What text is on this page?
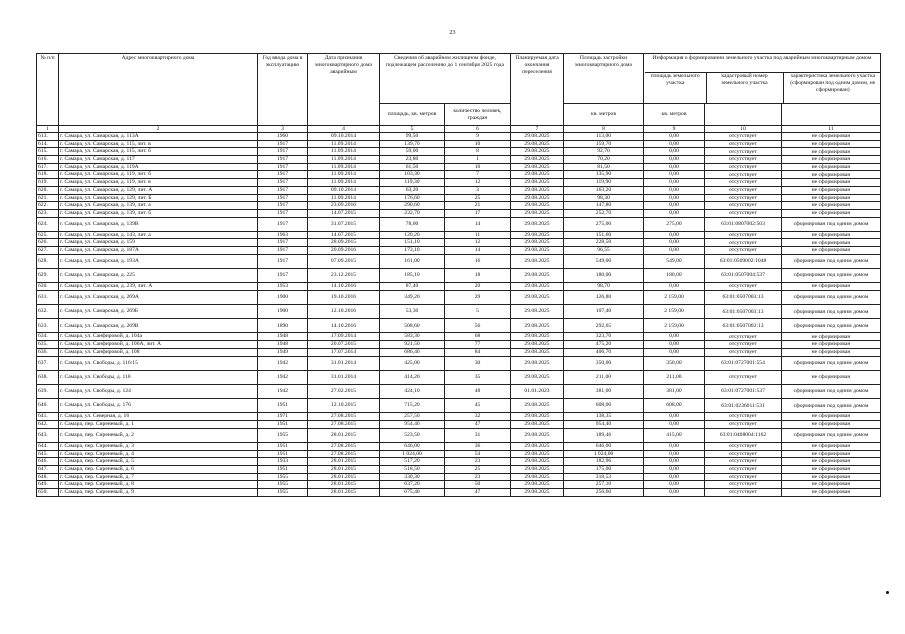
23
№ п/п	Адрес многоквартирного дома	Год ввода дома в эксплуатацию	Дата признания многоквартирного дома аварийным	Сведения об аварийном жилищном фонде, подлежащем расселению до 1 сентября 2025 года	Планируемая дата окончания переселения	Площадь застройки многоквартирного дома	
Информация о формировании земельного участка под аварийным многоквартирным домом
площадь земельного участка	кадастровый номер земельного участка	характеристика земельного участка (сформирован под одним домом, не сформирован)

площадь, кв. метров	количество человек, граждан	кв. метров	кв. метров		
1	2	3	4	5	6	7	8	9	10	11
613.	г. Самара, ул. Самарская, д. 113А	1960	09.10.2014	99,50	9	29.08.2025	113,00	0,00	отсутствует	не сформирован
614.	г. Самара, ул. Самарская, д. 115, лит. в	1917	11.09.2014	139,70	10	29.08.2025	159,70	0,00	отсутствует	не сформирован
615.	г. Самара, ул. Самарская, д. 115, лит. б	1917	11.09.2014	59,00	8	29.08.2025	92,70	0,00	отсутствует	не сформирован
616.	г. Самара, ул. Самарская, д. 117	1917	11.09.2014	23,80	1	29.08.2025	70,20	0,00	отсутствует	не сформирован
617.	г. Самара, ул. Самарская, д. 119А	1917	11.09.2014	61,50	10	29.08.2025	81,50	0,00	отсутствует	не сформирован
618.	г. Самара, ул. Самарская, д. 119, лит. б	1917	11.09.2014	103,30	7	29.08.2025	135,90	0,00	отсутствует	не сформирован
619.	г. Самара, ул. Самарская, д. 119, лит. в	1917	11.09.2014	119,30	12	29.08.2025	119,90	0,00	отсутствует	не сформирован
620.	г. Самара, ул. Самарская, д. 129, лит. А	1917	09.10.2014	63,20	3	29.08.2025	163,20	0,00	отсутствует	не сформирован
621.	г. Самара, ул. Самарская, д. 129, лит. Б	1917	11.09.2014	176,60	25	29.08.2025	98,30	0,00	отсутствует	не сформирован
622.	г. Самара, ул. Самарская, д. 139, лит. а	1917	23.09.2016	290,60	21	29.08.2025	147,80	0,00	отсутствует	не сформирован
623.	г. Самара, ул. Самарская, д. 139, лит. б	1917	14.07.2015	232,70	17	29.08.2025	252,70	0,00	отсутствует	не сформирован
624.	г. Самара, ул. Самарская, д. 139В	1917	31.07.2015	78,00	14	29.08.2025	275,00	275,00	63:01:0807002:503	сформирован под одним домом
625.	г. Самара, ул. Самарская, д. 143, лит. а	1963	14.07.2015	120,20	11	29.08.2025	151,60	0,00	отсутствует	не сформирован
626.	г. Самара, ул. Самарская, д. 159	1917	28.09.2015	151,10	12	29.08.2025	228,50	0,00	отсутствует	не сформирован
627.	г. Самара, ул. Самарская, д. 187А	1917	20.09.2016	173,10	14	29.08.2025	96,55	0,00	отсутствует	не сформирован
628.	г. Самара, ул. Самарская, д. 193А	1917	07.09.2015	161,00	16	29.08.2025	549,00	549,00	63:01:0509002:1048	сформирован под одним домом
629.	г. Самара, ул. Самарская, д. 225	1917	23.12.2015	185,10	18	29.08.2025	180,00	180,00	63:01:0507004:537	сформирован под одним домом
630.	г. Самара, ул. Самарская, д. 239, лит. А	1953	14.10.2016	87,40	20	29.08.2025	98,70	0,00	отсутствует	не сформирован
631.	г. Самара, ул. Самарская, д. 269А	1900	19.10.2016	349,20	29	29.08.2025	126,80	2 159,00	63:01:0507003:13	сформирован под одним домом
632.	г. Самара, ул. Самарская, д. 269Б	1900	12.10.2016	53,30	5	29.08.2025	107,40	2 159,00	63:01:0507003:13	сформирован под одним домом
633.	г. Самара, ул. Самарская, д. 269В	1890	14.10.2016	508,60	56	29.08.2025	292,65	2 159,00	63:01:0507003:13	сформирован под одним домом
634.	г. Самара, ул. Санфировой, д. 104а	1948	17.09.2014	583,30	68	29.08.2025	323,70	0,00	отсутствует	не сформирован
635.	г. Самара, ул. Санфировой, д. 106А, лит. А	1948	20.07.2015	921,50	77	29.08.2025	475,20	0,00	отсутствует	не сформирован
636.	г. Самара, ул. Санфировой, д. 108	1949	17.07.2014	686,40	84	29.08.2025	406,70	0,00	отсутствует	не сформирован
637.	г. Самара, ул. Свободы, д. 116/15	1942	31.01.2014	425,00	30	29.08.2025	350,00	350,00	63:01:0727001:554	сформирован под одним домом
638.	г. Самара, ул. Свободы, д. 118	1942	31.01.2014	414,20	35	29.08.2025	211,00	211,00	отсутствует	не сформирован
639.	г. Самара, ул. Свободы, д. 124	1942	27.02.2015	424,10	48	01.01.2023	381,00	381,00	63:01:0727001:537	сформирован под одним домом
640.	г. Самара, ул. Свободы, д. 176	1951	12.10.2015	715,20	45	29.08.2025	608,00	608,00	63:01:0236011:531	сформирован под одним домом
641.	г. Самара, ул. Северная, д. 16	1971	27.08.2015	257,50	32	29.08.2025	138,35	0,00	отсутствует	не сформирован
642.	г. Самара, пер. Сиреневый, д. 1	1951	27.08.2015	954,40	47	29.08.2025	954,40	0,00	отсутствует	не сформирован
643.	г. Самара, пер. Сиреневый, д. 2	1955	28.01.2015	523,50	31	29.08.2025	189,46	415,00	63:01:0408004:1162	сформирован под одним домом
644.	г. Самара, пер. Сиреневый, д. 3	1951	27.08.2015	646,00	36	29.08.2025	646,00	0,00	отсутствует	не сформирован
645.	г. Самара, пер. Сиреневый, д. 4	1951	27.08.2015	1 024,00	54	29.08.2025	1 024,00	0,00	отсутствует	не сформирован
646.	г. Самара, пер. Сиреневый, д. 5	1933	28.01.2015	517,20	23	29.08.2025	182,96	0,00	отсутствует	не сформирован
647.	г. Самара, пер. Сиреневый, д. 6	1951	28.01.2015	518,50	25	29.08.2025	175,00	0,00	отсутствует	не сформирован
648.	г. Самара, пер. Сиреневый, д. 7	1955	28.01.2015	330,30	23	29.08.2025	318,53	0,00	отсутствует	не сформирован
649.	г. Самара, пер. Сиреневый, д. 8	1955	28.01.2015	637,20	50	29.08.2025	257,10	0,00	отсутствует	не сформирован
650.	г. Самара, пер. Сиреневый, д. 9	1955	28.01.2015	675,40	47	29.08.2025	256,60	0,00	отсутствует	не сформирован
